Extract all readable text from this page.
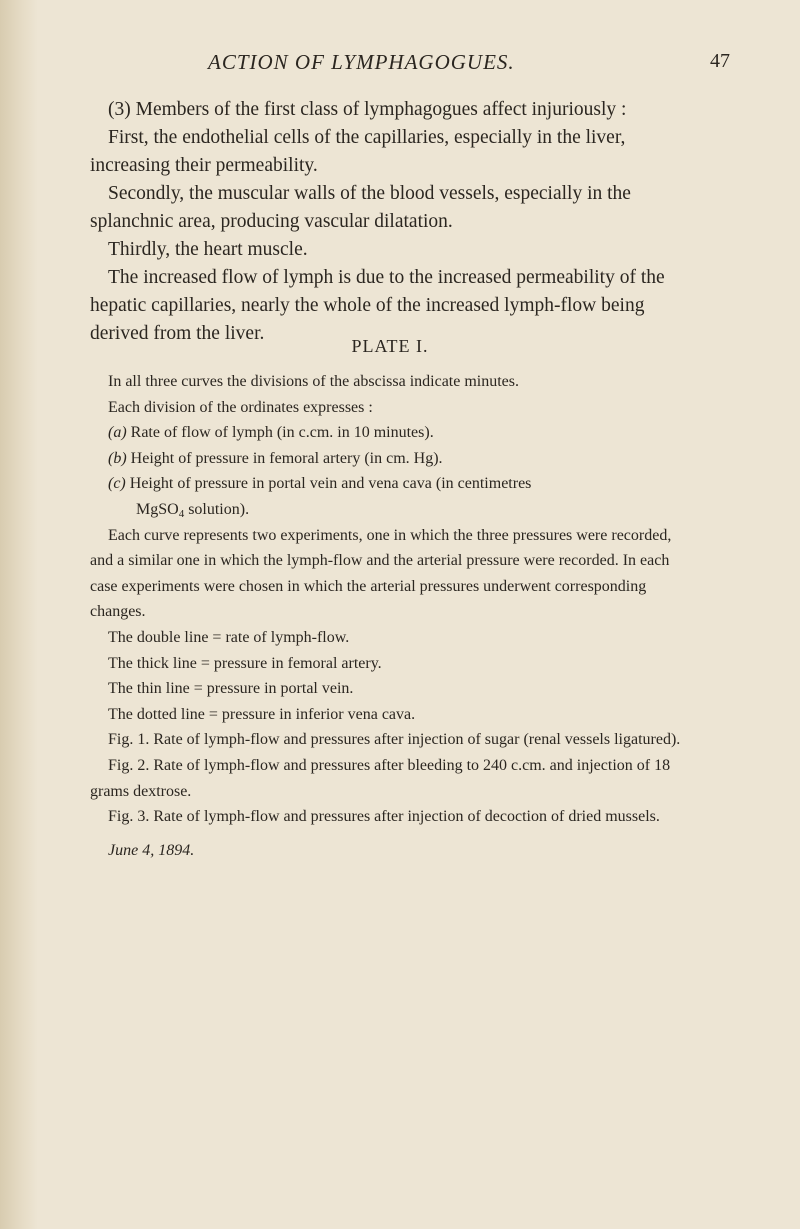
ACTION OF LYMPHAGOGUES.	47

(3) Members of the first class of lymphagogues affect injuriously :

First, the endothelial cells of the capillaries, especially in the liver, increasing their permeability.

Secondly, the muscular walls of the blood vessels, especially in the splanchnic area, producing vascular dilatation.

Thirdly, the heart muscle.

The increased flow of lymph is due to the increased permeability of the hepatic capillaries, nearly the whole of the increased lymph-flow being derived from the liver.

PLATE I.

In all three curves the divisions of the abscissa indicate minutes.

Each division of the ordinates expresses :

(a) Rate of flow of lymph (in c.cm. in 10 minutes).

(b) Height of pressure in femoral artery (in cm. Hg).

(c) Height of pressure in portal vein and vena cava (in centimetres

MgSO$_4$ solution).

Each curve represents two experiments, one in which the three pressures were recorded, and a similar one in which the lymph-flow and the arterial pressure were recorded. In each case experiments were chosen in which the arterial pressures underwent corresponding changes.

The double line = rate of lymph-flow.

The thick line = pressure in femoral artery.

The thin line = pressure in portal vein.

The dotted line = pressure in inferior vena cava.

Fig. 1. Rate of lymph-flow and pressures after injection of sugar (renal vessels ligatured).

Fig. 2. Rate of lymph-flow and pressures after bleeding to 240 c.cm. and injection of 18 grams dextrose.

Fig. 3. Rate of lymph-flow and pressures after injection of decoction of dried mussels.

June 4, 1894.
